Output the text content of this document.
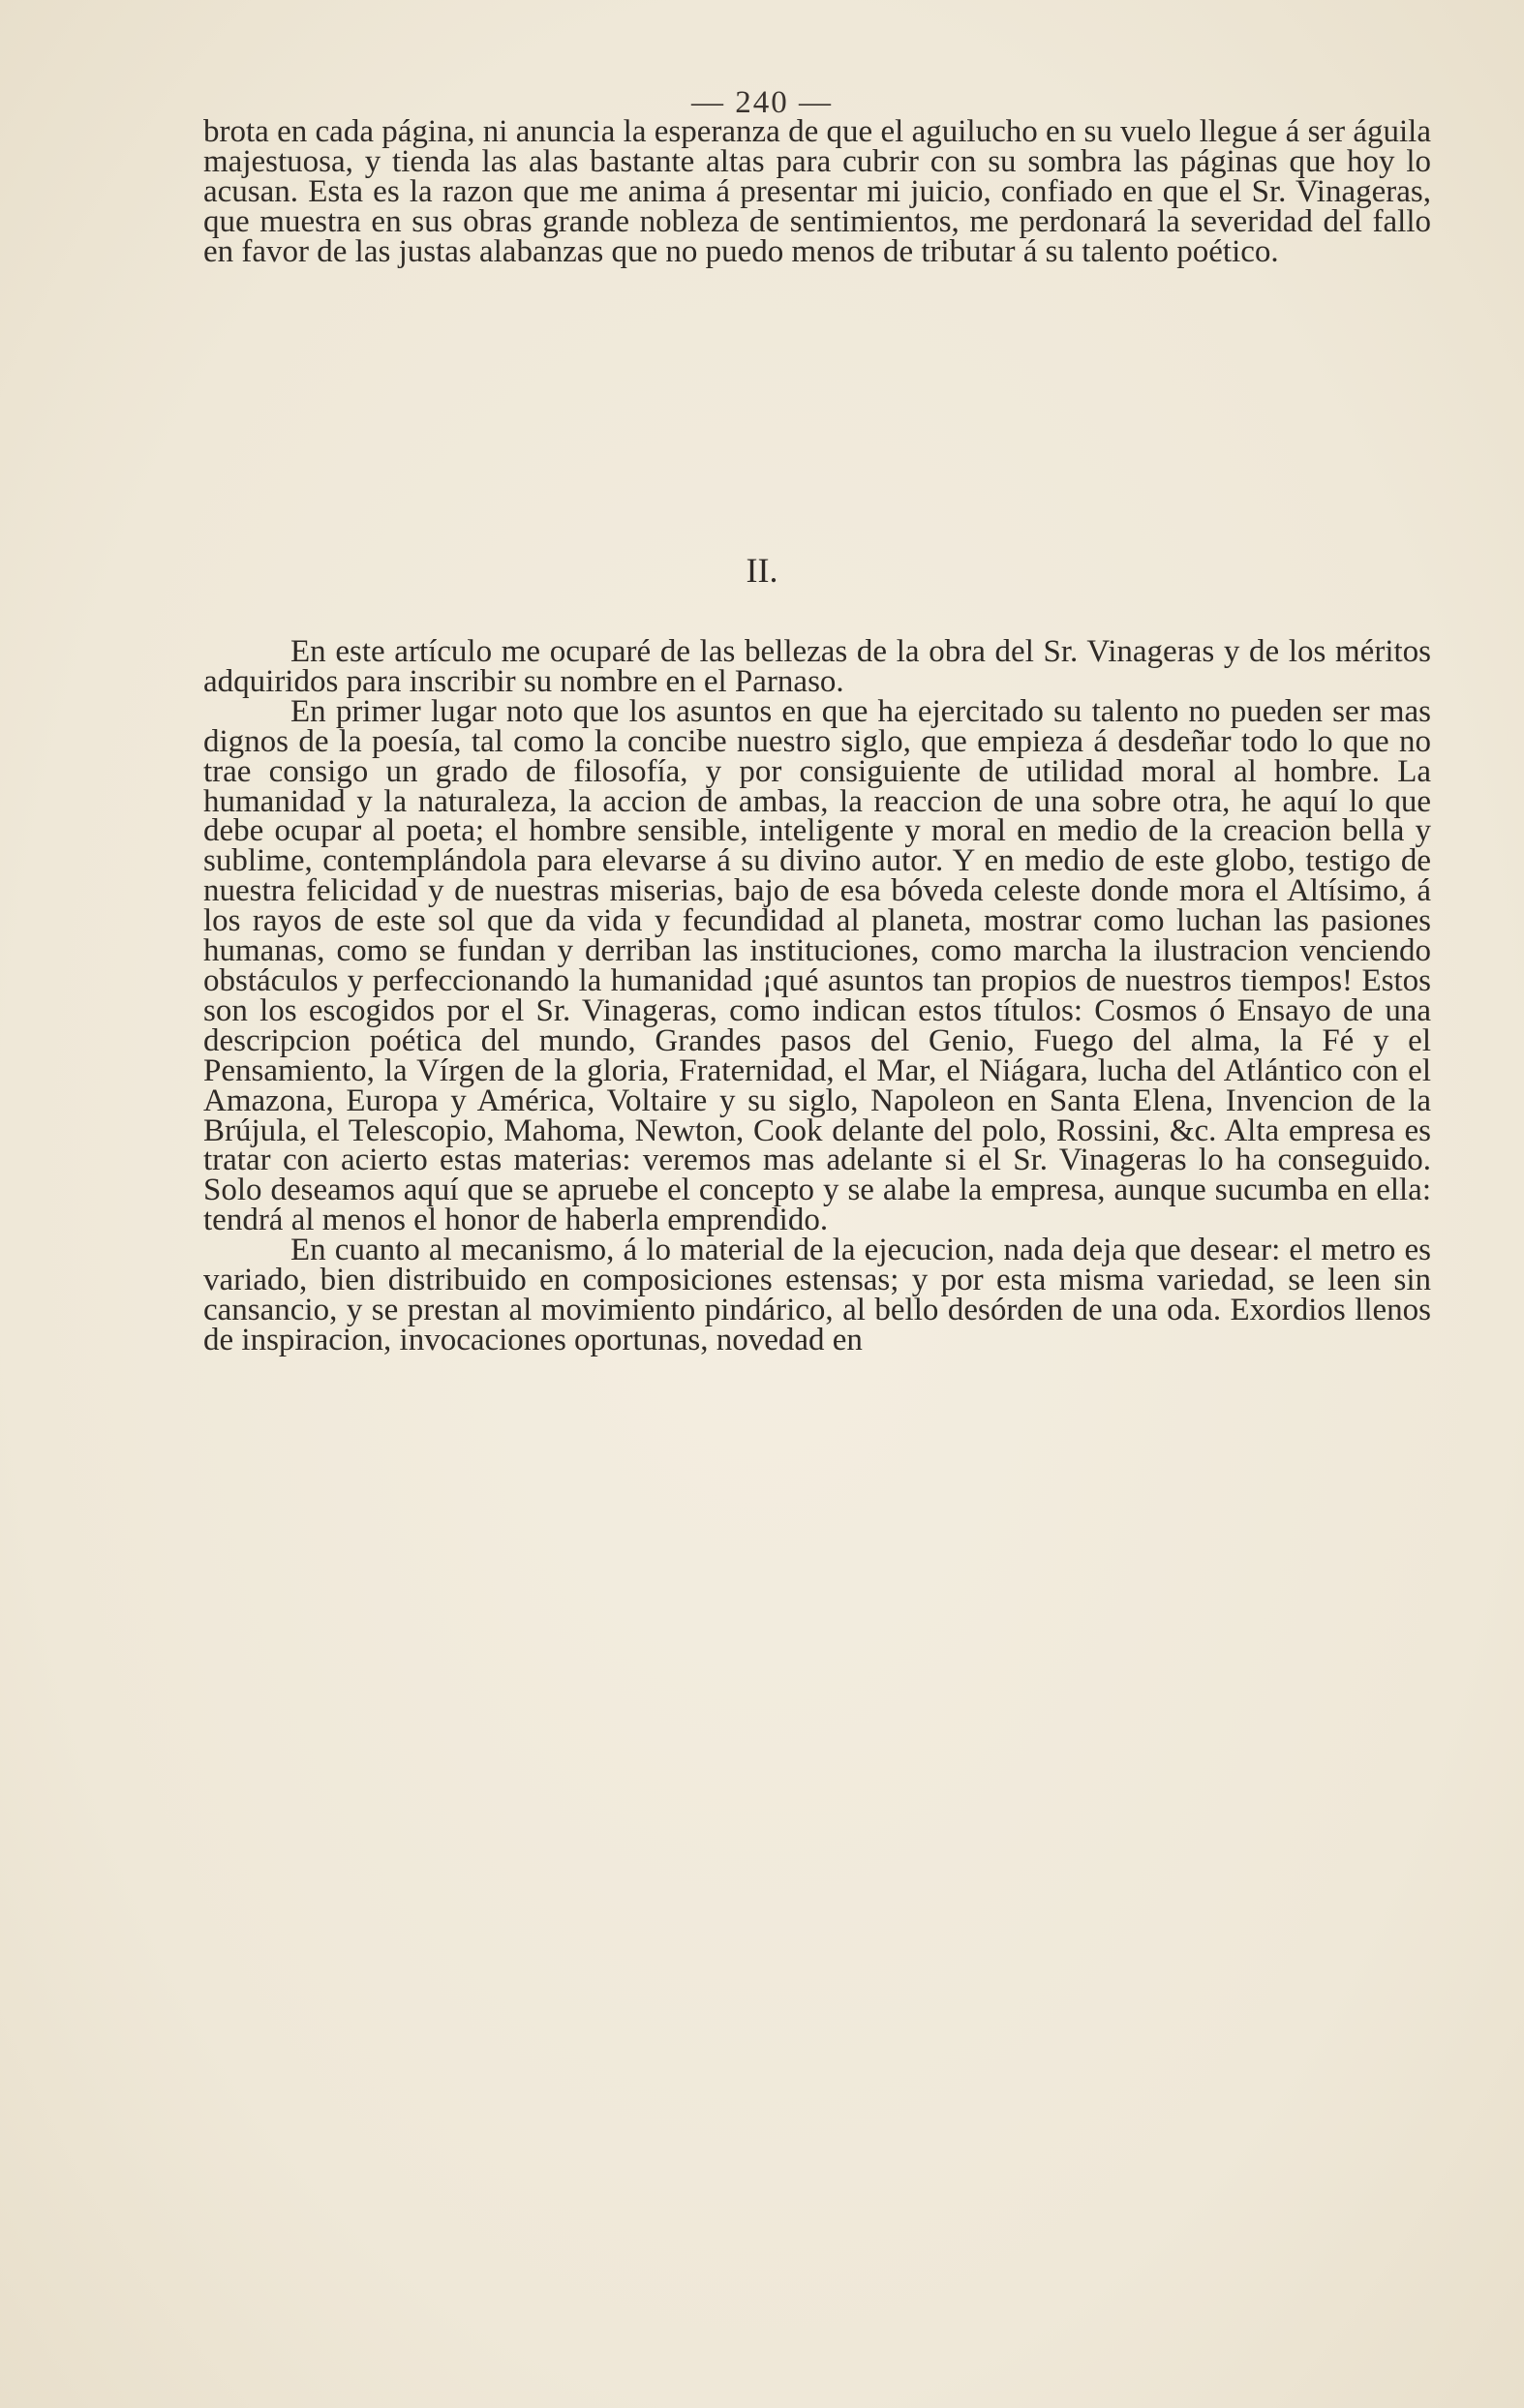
— 240 —

brota en cada página, ni anuncia la esperanza de que el aguilucho en su vuelo llegue á ser águila majestuosa, y tienda las alas bastante altas para cubrir con su sombra las páginas que hoy lo acusan. Esta es la razon que me anima á presentar mi juicio, confiado en que el Sr. Vinageras, que muestra en sus obras grande nobleza de sentimientos, me perdonará la severidad del fallo en favor de las justas alabanzas que no puedo menos de tributar á su talento poético.

II.

En este artículo me ocuparé de las bellezas de la obra del Sr. Vinageras y de los méritos adquiridos para inscribir su nombre en el Parnaso.

En primer lugar noto que los asuntos en que ha ejercitado su talento no pueden ser mas dignos de la poesía, tal como la concibe nuestro siglo, que empieza á desdeñar todo lo que no trae consigo un grado de filosofía, y por consiguiente de utilidad moral al hombre. La humanidad y la naturaleza, la accion de ambas, la reaccion de una sobre otra, he aquí lo que debe ocupar al poeta; el hombre sensible, inteligente y moral en medio de la creacion bella y sublime, contemplándola para elevarse á su divino autor. Y en medio de este globo, testigo de nuestra felicidad y de nuestras miserias, bajo de esa bóveda celeste donde mora el Altísimo, á los rayos de este sol que da vida y fecundidad al planeta, mostrar como luchan las pasiones humanas, como se fundan y derriban las instituciones, como marcha la ilustracion venciendo obstáculos y perfeccionando la humanidad ¡qué asuntos tan propios de nuestros tiempos! Estos son los escogidos por el Sr. Vinageras, como indican estos títulos: Cosmos ó Ensayo de una descripcion poética del mundo, Grandes pasos del Genio, Fuego del alma, la Fé y el Pensamiento, la Vírgen de la gloria, Fraternidad, el Mar, el Niágara, lucha del Atlántico con el Amazona, Europa y América, Voltaire y su siglo, Napoleon en Santa Elena, Invencion de la Brújula, el Telescopio, Mahoma, Newton, Cook delante del polo, Rossini, &c. Alta empresa es tratar con acierto estas materias: veremos mas adelante si el Sr. Vinageras lo ha conseguido. Solo deseamos aquí que se apruebe el concepto y se alabe la empresa, aunque sucumba en ella: tendrá al menos el honor de haberla emprendido.

En cuanto al mecanismo, á lo material de la ejecucion, nada deja que desear: el metro es variado, bien distribuido en composiciones estensas; y por esta misma variedad, se leen sin cansancio, y se prestan al movimiento pindárico, al bello desórden de una oda. Exordios llenos de inspiracion, invocaciones oportunas, novedad en
